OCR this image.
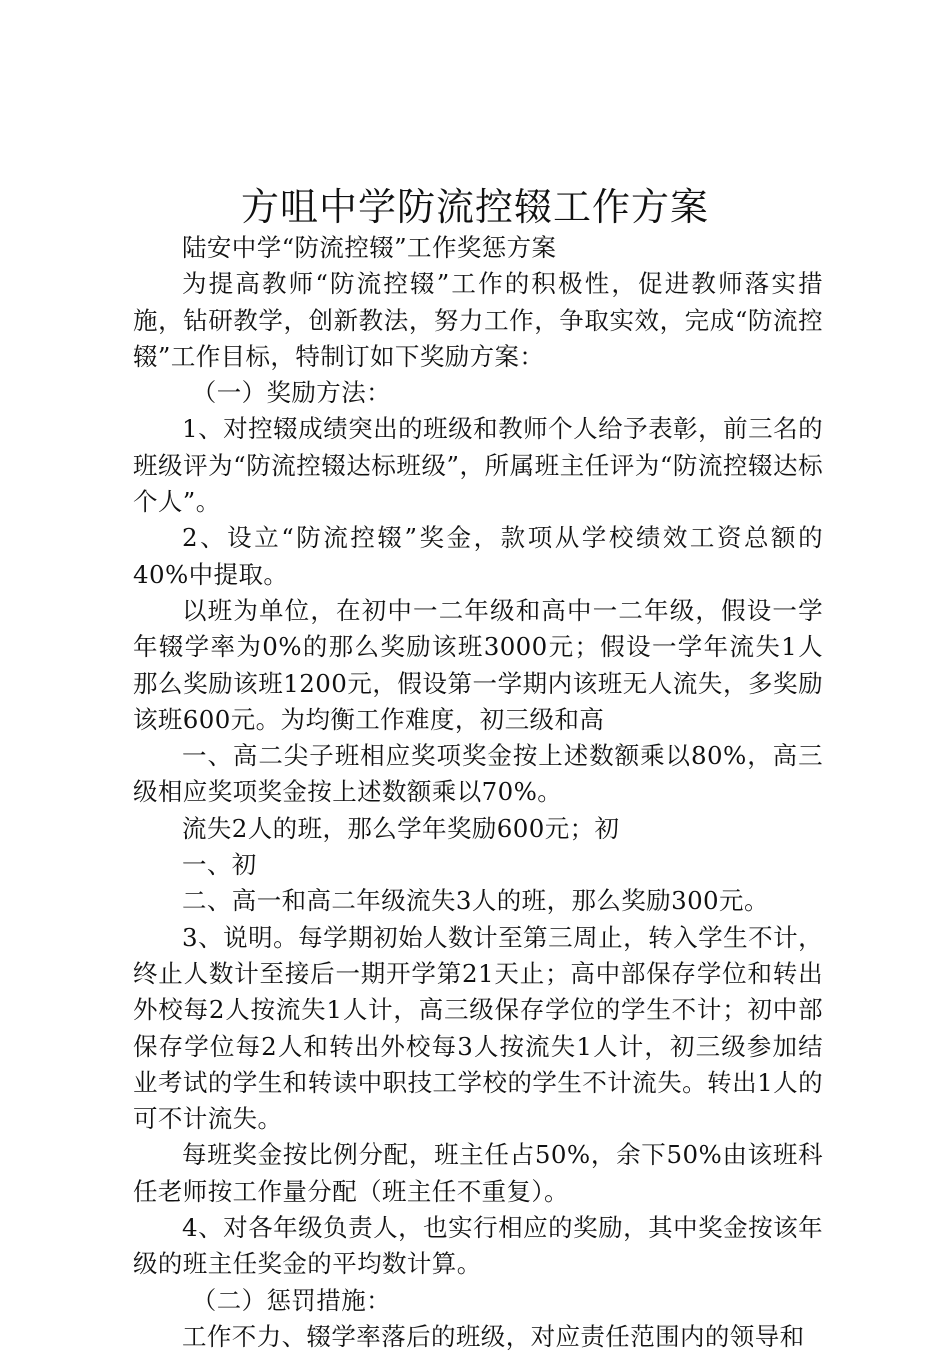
方咀中学防流控辍工作方案

陆安中学“防流控辍”工作奖惩方案

为提高教师“防流控辍”工作的积极性，促进教师落实措施，钻研教学，创新教法，努力工作，争取实效，完成“防流控辍”工作目标，特制订如下奖励方案：

（一）奖励方法：

1、对控辍成绩突出的班级和教师个人给予表彰，前三名的班级评为“防流控辍达标班级”，所属班主任评为“防流控辍达标个人”。

2、设立“防流控辍”奖金，款项从学校绩效工资总额的40%中提取。

以班为单位，在初中一二年级和高中一二年级，假设一学年辍学率为0%的那么奖励该班3000元；假设一学年流失1人那么奖励该班1200元，假设第一学期内该班无人流失，多奖励该班600元。为均衡工作难度，初三级和高

一、高二尖子班相应奖项奖金按上述数额乘以80%，高三级相应奖项奖金按上述数额乘以70%。

流失2人的班，那么学年奖励600元；初

一、初

二、高一和高二年级流失3人的班，那么奖励300元。

3、说明。每学期初始人数计至第三周止，转入学生不计，终止人数计至接后一期开学第21天止；高中部保存学位和转出外校每2人按流失1人计，高三级保存学位的学生不计；初中部保存学位每2人和转出外校每3人按流失1人计，初三级参加结业考试的学生和转读中职技工学校的学生不计流失。转出1人的可不计流失。

每班奖金按比例分配，班主任占50%，余下50%由该班科任老师按工作量分配（班主任不重复）。

4、对各年级负责人，也实行相应的奖励，其中奖金按该年级的班主任奖金的平均数计算。

（二）惩罚措施：

工作不力、辍学率落后的班级，对应责任范围内的领导和
